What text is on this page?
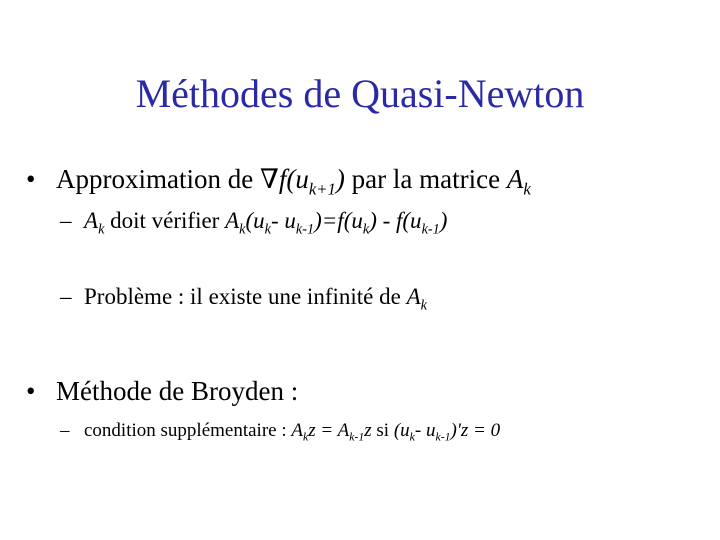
Méthodes de Quasi-Newton
• Approximation de $\nabla f(u_{k+1})$ par la matrice $A_k$
– $A_k$ doit vérifier $A_k(u_k-$ $u_{k-1})=f(u_k) - f(u_{k-1})$
– Problème : il existe une infinité de $A_k$
• Méthode de Broyden :
– condition supplémentaire : $A_kz = A_{k-1}z$ si ($u_k-$ $u_{k-1})'z = 0$
